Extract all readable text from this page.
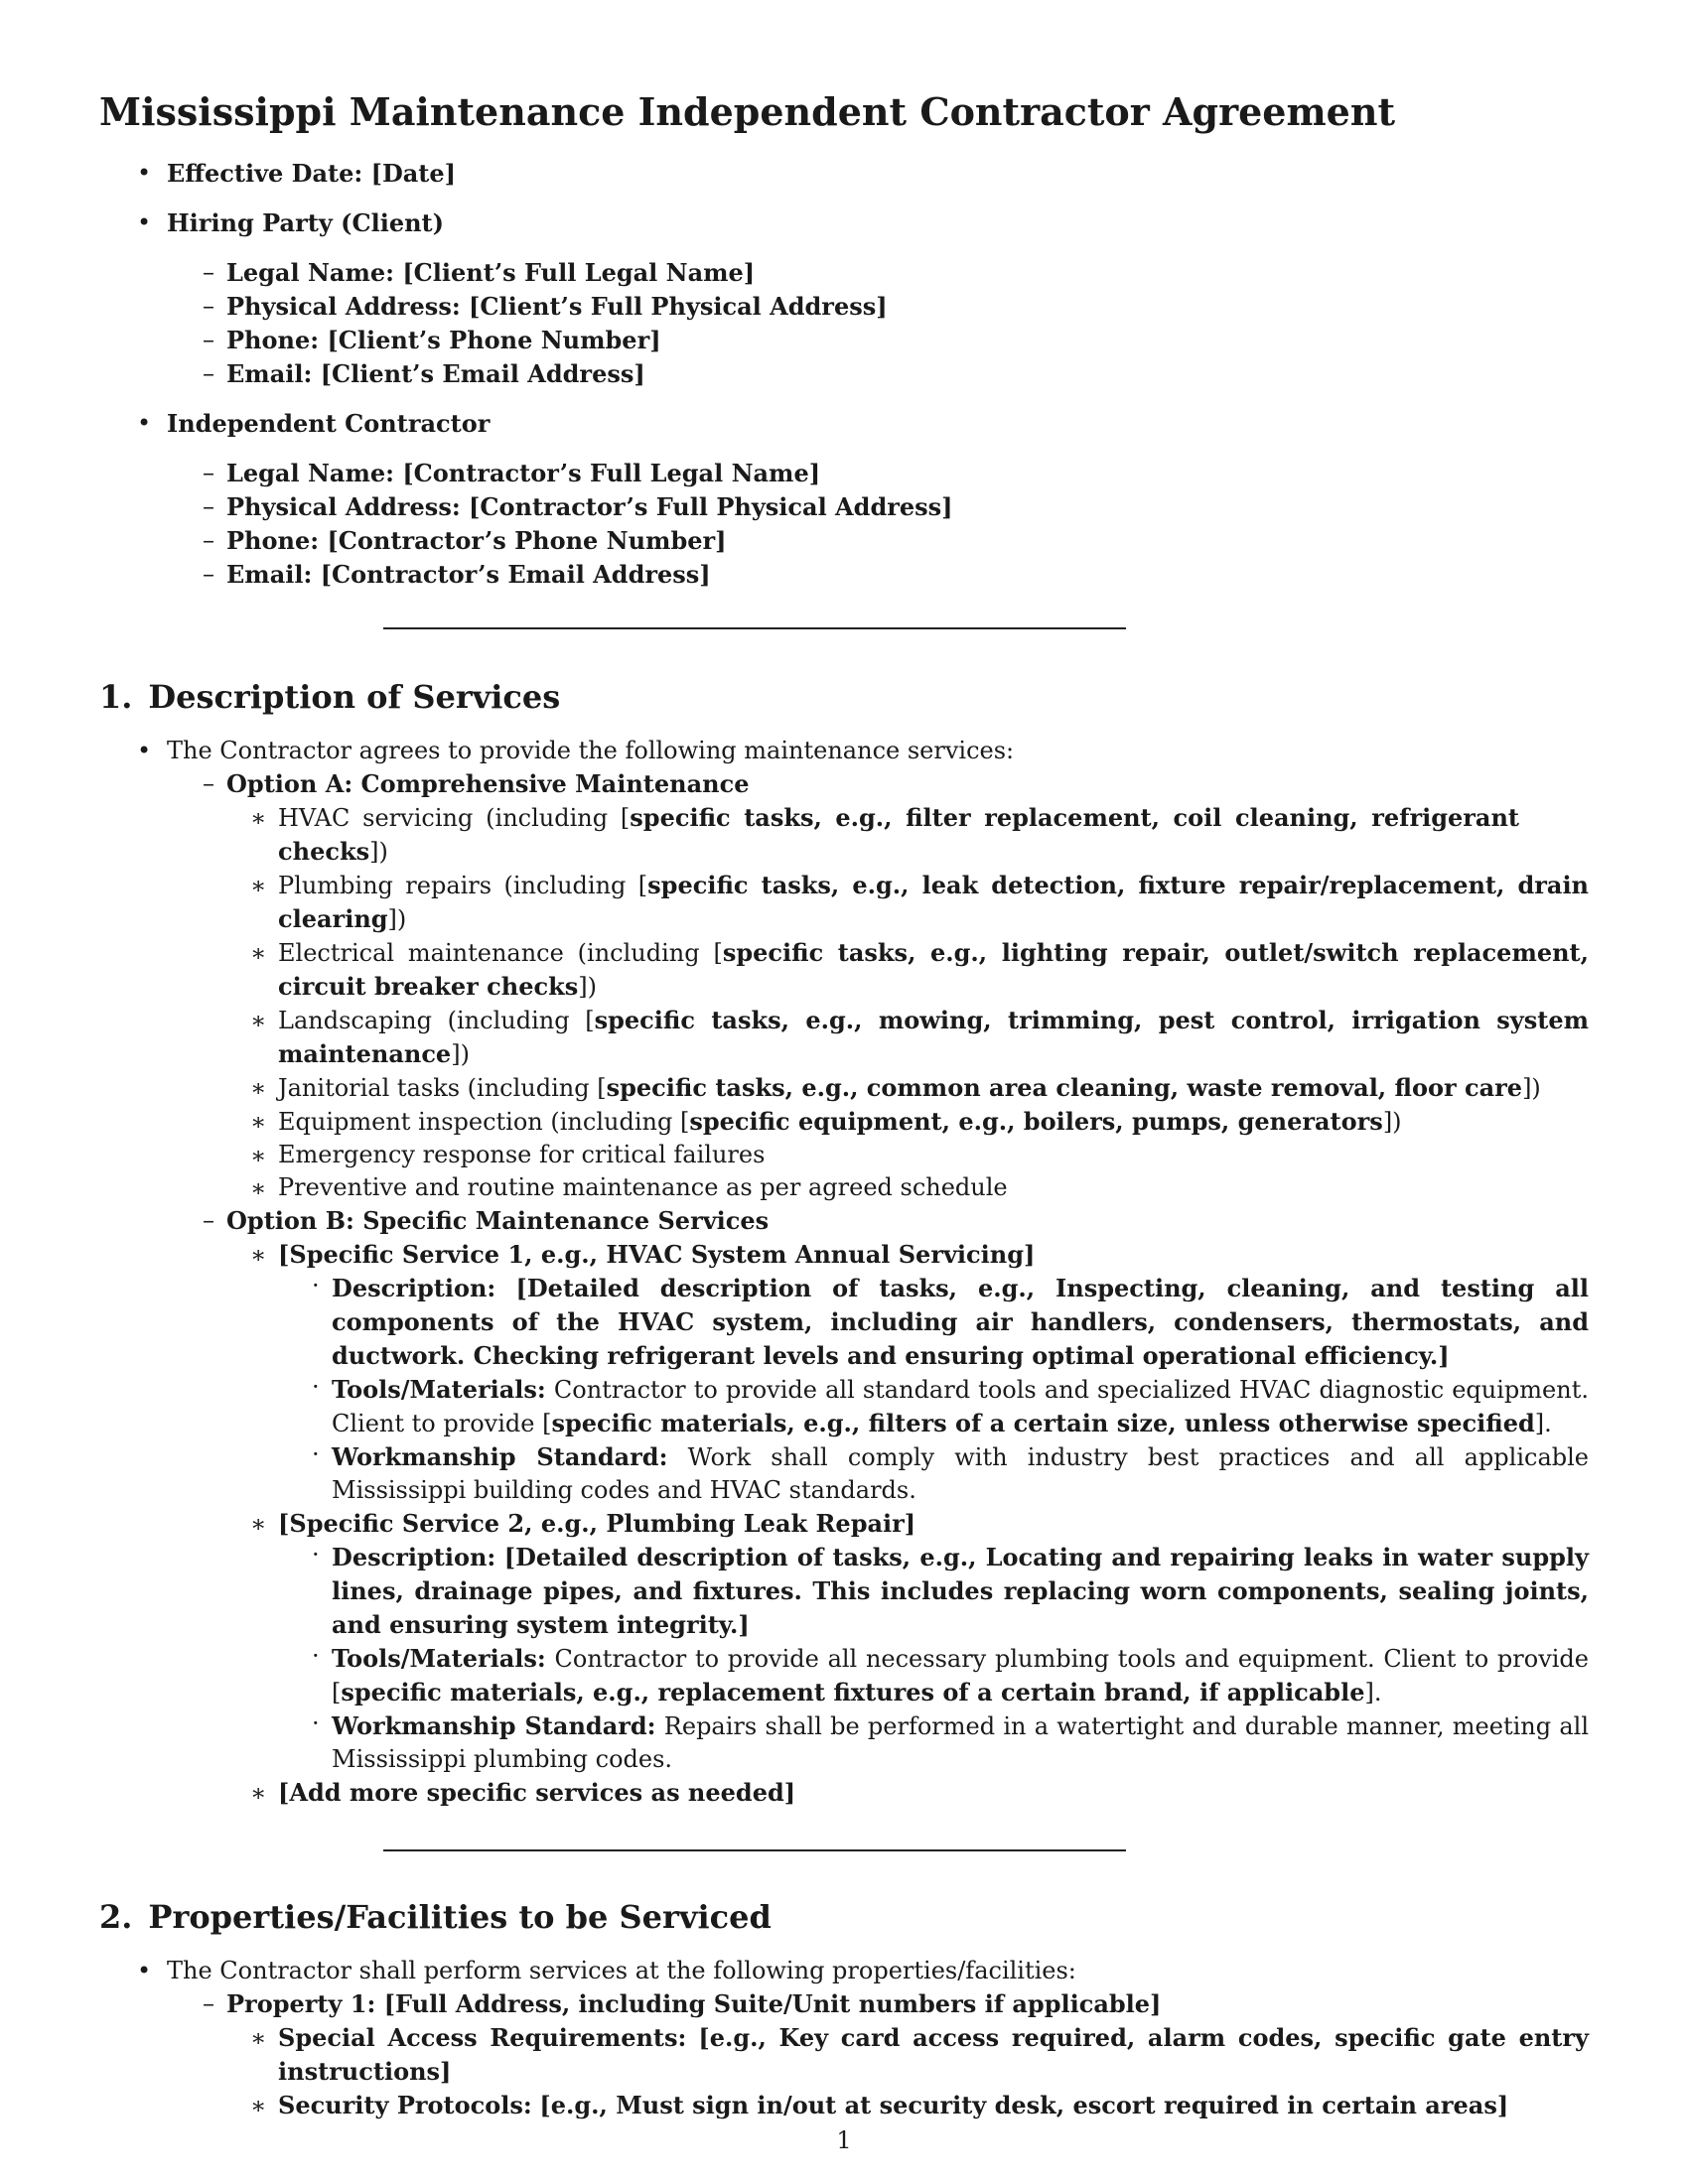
Mississippi Maintenance Independent Contractor Agreement
• Effective Date: [Date]
• Hiring Party (Client)
– Legal Name: [Client’s Full Legal Name]
– Physical Address: [Client’s Full Physical Address]
– Phone: [Client’s Phone Number]
– Email: [Client’s Email Address]
• Independent Contractor
– Legal Name: [Contractor’s Full Legal Name]
– Physical Address: [Contractor’s Full Physical Address]
– Phone: [Contractor’s Phone Number]
– Email: [Contractor’s Email Address]
1. Description of Services
• The Contractor agrees to provide the following maintenance services:
– Option A: Comprehensive Maintenance
∗ HVAC servicing (including [specific tasks, e.g., filter replacement, coil cleaning, refrigerant checks])
∗ Plumbing repairs (including [specific tasks, e.g., leak detection, fixture repair/replacement, drain clearing])
∗ Electrical maintenance (including [specific tasks, e.g., lighting repair, outlet/switch replacement, circuit breaker checks])
∗ Landscaping (including [specific tasks, e.g., mowing, trimming, pest control, irrigation system maintenance])
∗ Janitorial tasks (including [specific tasks, e.g., common area cleaning, waste removal, floor care])
∗ Equipment inspection (including [specific equipment, e.g., boilers, pumps, generators])
∗ Emergency response for critical failures
∗ Preventive and routine maintenance as per agreed schedule
– Option B: Specific Maintenance Services
∗ [Specific Service 1, e.g., HVAC System Annual Servicing]
· Description: [Detailed description of tasks, e.g., Inspecting, cleaning, and testing all components of the HVAC system, including air handlers, condensers, thermostats, and ductwork. Checking refrigerant levels and ensuring optimal operational efficiency.]
· Tools/Materials: Contractor to provide all standard tools and specialized HVAC diagnostic equipment. Client to provide [specific materials, e.g., filters of a certain size, unless otherwise specified].
· Workmanship Standard: Work shall comply with industry best practices and all applicable Mississippi building codes and HVAC standards.
∗ [Specific Service 2, e.g., Plumbing Leak Repair]
· Description: [Detailed description of tasks, e.g., Locating and repairing leaks in water supply lines, drainage pipes, and fixtures. This includes replacing worn components, sealing joints, and ensuring system integrity.]
· Tools/Materials: Contractor to provide all necessary plumbing tools and equipment. Client to provide [specific materials, e.g., replacement fixtures of a certain brand, if applicable].
· Workmanship Standard: Repairs shall be performed in a watertight and durable manner, meeting all Mississippi plumbing codes.
∗ [Add more specific services as needed]
2. Properties/Facilities to be Serviced
• The Contractor shall perform services at the following properties/facilities:
– Property 1: [Full Address, including Suite/Unit numbers if applicable]
∗ Special Access Requirements: [e.g., Key card access required, alarm codes, specific gate entry instructions]
∗ Security Protocols: [e.g., Must sign in/out at security desk, escort required in certain areas]
1
